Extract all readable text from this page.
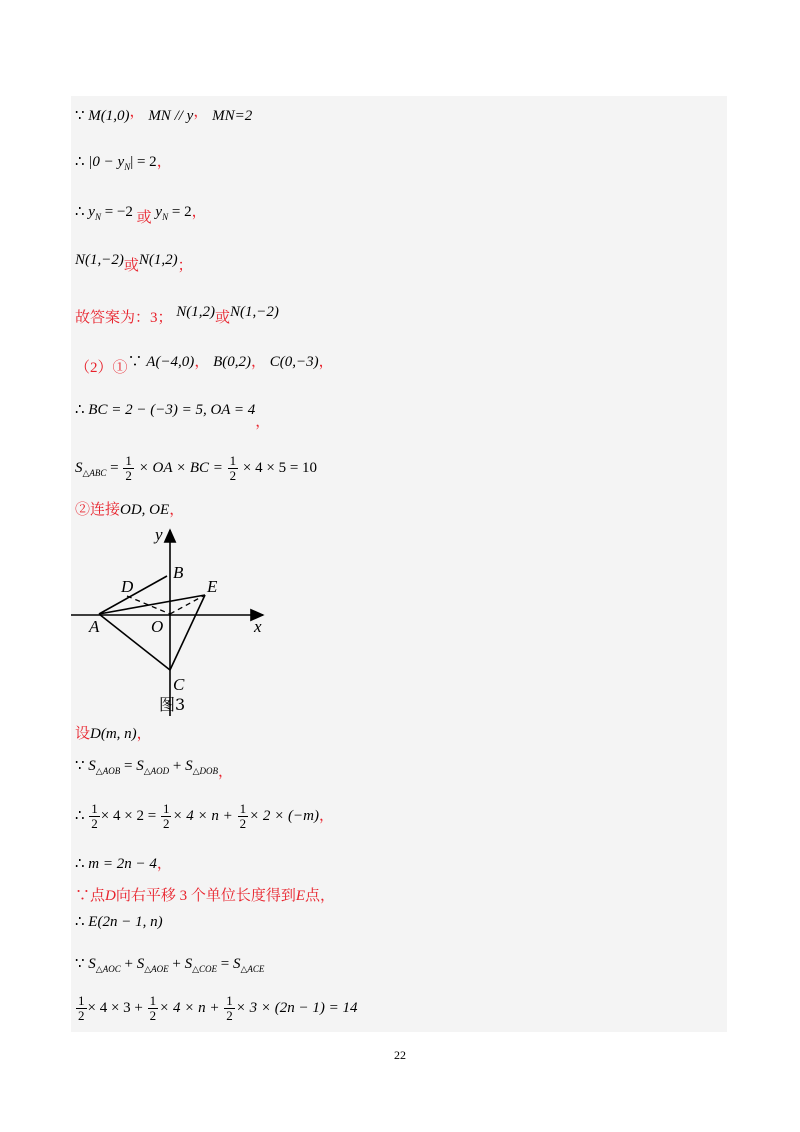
∵ M(1,0)， MN // y， MN=2
∴ $|0 - y_N| = 2$，
∴ $y_N = -2$ 或 $y_N = 2$，
N(1,−2)或N(1,2)；
故答案为：3； N(1,2)或N(1,−2)
（2）①∵ A(−4,0)， B(0,2)， C(0,−3)，
∴ BC = 2 − (−3) = 5, OA = 4，
$S_{\triangle ABC} = \frac{1}{2}$ × OA × BC = $\frac{1}{2} \times 4 \times 5 = 10$
②连接OD, OE，
y
x
B
D	E
A	O
C
图3
设D(m, n)，
∵ $S_{\triangle AOB} = S_{\triangle AOD} + S_{\triangle DOB}$，
∴ $\frac{1}{2} \times 4 \times 2 = \frac{1}{2} \times 4 \times n + \frac{1}{2} \times 2 \times (-m)$，
∴ m = 2n − 4，
∵点D向右平移 3 个单位长度得到E点，
∴ E(2n − 1, n)
∵ $S_{\triangle AOC} + S_{\triangle AOE} + S_{\triangle COE} = S_{\triangle ACE}$
$\frac{1}{2} \times 4 \times 3 + \frac{1}{2} \times 4 \times n + \frac{1}{2} \times 3 \times (2n - 1) = 14$
22
